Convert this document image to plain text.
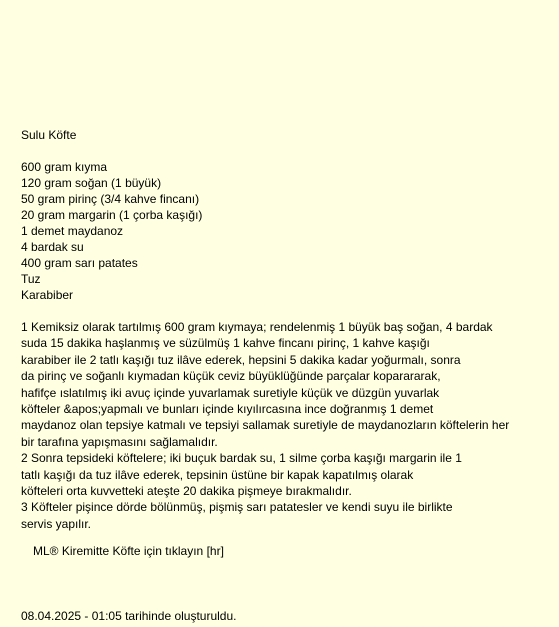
Sulu Köfte
600 gram kıyma
120 gram soğan (1 büyük)
50 gram pirinç (3/4 kahve fincanı)
20 gram margarin (1 çorba kaşığı)
1 demet maydanoz
4 bardak su
400 gram sarı patates
Tuz
Karabiber
1 Kemiksiz olarak tartılmış 600 gram kıymaya; rendelenmiş 1 büyük baş soğan, 4 bardak
suda 15 dakika haşlanmış ve süzülmüş 1 kahve fincanı pirinç, 1 kahve kaşığı
karabiber ile 2 tatlı kaşığı tuz ilâve ederek, hepsini 5 dakika kadar yoğurmalı, sonra
da pirinç ve soğanlı kıymadan küçük ceviz büyüklüğünde parçalar koparararak,
hafifçe ıslatılmış iki avuç içinde yuvarlamak suretiyle küçük ve düzgün yuvarlak
köfteler &apos;yapmalı ve bunları içinde kıyılırcasına ince doğranmış 1 demet
maydanoz olan tepsiye katmalı ve tepsiyi sallamak suretiyle de maydanozların köftelerin her
bir tarafına yapışmasını sağlamalıdır.
2 Sonra tepsideki köftelere; iki buçuk bardak su, 1 silme çorba kaşığı margarin ile 1
tatlı kaşığı da tuz ilâve ederek, tepsinin üstüne bir kapak kapatılmış olarak
köfteleri orta kuvvetteki ateşte 20 dakika pişmeye bırakmalıdır.
3 Köfteler pişince dörde bölünmüş, pişmiş sarı patatesler ve kendi suyu ile birlikte
servis yapılır.
ML® Kiremitte Köfte için tıklayın [hr]
08.04.2025 - 01:05 tarihinde oluşturuldu.
